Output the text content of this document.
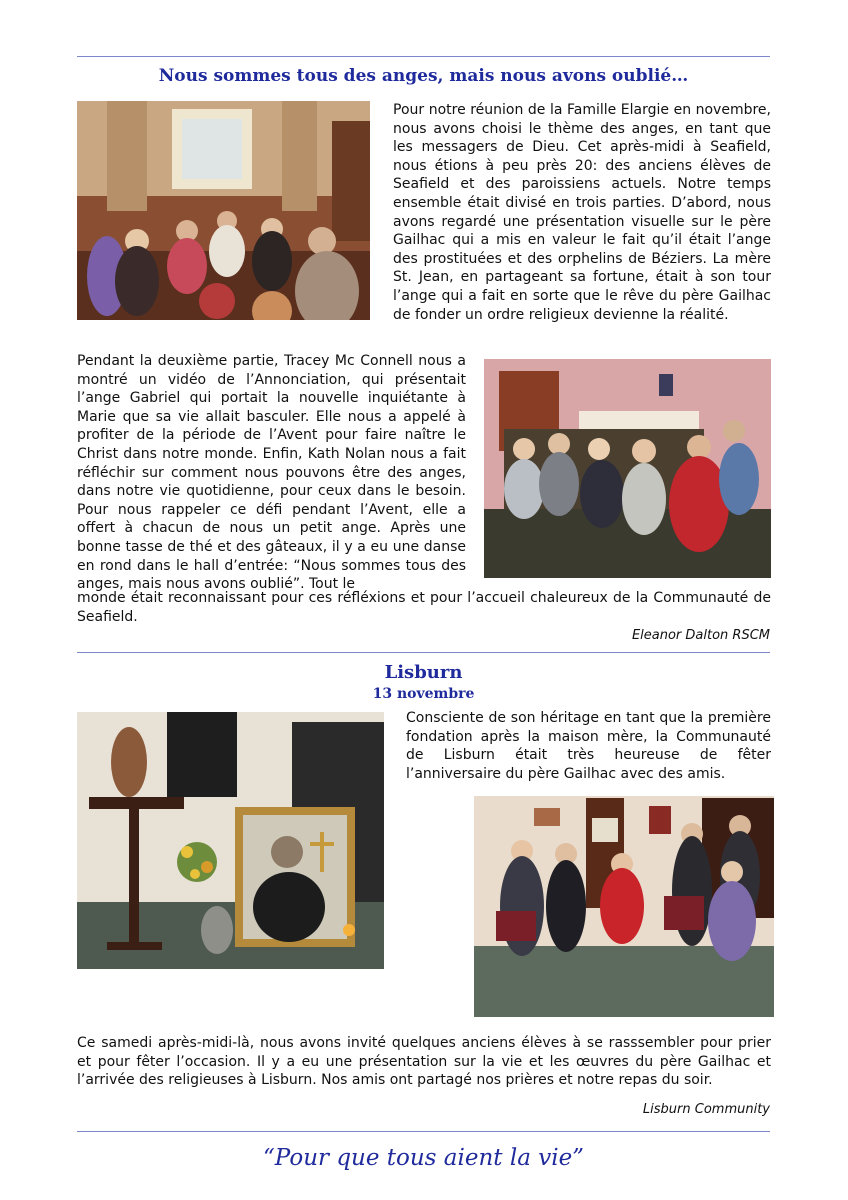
Nous sommes tous des anges, mais nous avons oublié…

Pour notre réunion de la Famille Elargie en novembre, nous avons choisi le thème des anges, en tant que les messagers de Dieu. Cet après-midi à Seafield, nous étions à peu près 20: des anciens élèves de Seafield et des paroissiens actuels. Notre temps ensemble était divisé en trois parties. D’abord, nous avons regardé une présentation visuelle sur le père Gailhac qui a mis en valeur le fait qu’il était l’ange des prostituées et des orphelins de Béziers. La mère St. Jean, en partageant sa fortune, était à son tour l’ange qui a fait en sorte que le rêve du père Gailhac de fonder un ordre religieux devienne la réalité.

Pendant la deuxième partie, Tracey Mc Connell nous a montré un vidéo de l’Annonciation, qui présentait l’ange Gabriel qui portait la nouvelle inquiétante à Marie que sa vie allait basculer. Elle nous a appelé à profiter de la période de l’Avent pour faire naître le Christ dans notre monde. Enfin, Kath Nolan nous a fait réfléchir sur comment nous pouvons être des anges, dans notre vie quotidienne, pour ceux dans le besoin. Pour nous rappeler ce défi pendant l’Avent, elle a offert à chacun de nous un petit ange. Après une bonne tasse de thé et des gâteaux, il y a eu une danse en rond dans le hall d’entrée: “Nous sommes tous des anges, mais nous avons oublié”. Tout le

monde était reconnaissant pour ces réfléxions et pour l’accueil chaleureux de la Communauté de Seafield.

Eleanor Dalton RSCM
Lisburn
13 novembre

Consciente de son héritage en tant que la première fondation après la maison mère, la Communauté de Lisburn était très heureuse de fêter l’anniversaire du père Gailhac avec des amis.

Ce samedi après-midi-là, nous avons invité quelques anciens élèves à se rasssembler pour prier et pour fêter l’occasion. Il y a eu une présentation sur la vie et les œuvres du père Gailhac et l’arrivée des religieuses à Lisburn. Nos amis ont partagé nos prières et notre repas du soir.

Lisburn Community
“Pour que tous aient la vie”
